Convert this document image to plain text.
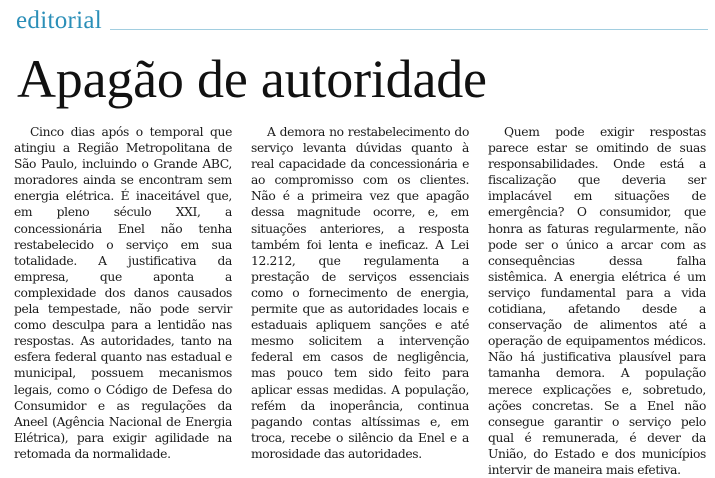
editorial
Apagão de autoridade

Cinco dias após o temporal que atingiu a Região Metropolitana de São Paulo, incluindo o Grande ABC, moradores ainda se encontram sem energia elétrica. É inaceitável que, em pleno século XXI, a concessionária Enel não tenha restabelecido o serviço em sua totalidade. A justificativa da empresa, que aponta a complexidade dos danos causados pela tempestade, não pode servir como desculpa para a lentidão nas respostas. As autoridades, tanto na esfera federal quanto nas estadual e municipal, possuem mecanismos legais, como o Código de Defesa do Consumidor e as regulações da Aneel (Agência Nacional de Energia Elétrica), para exigir agilidade na retomada da normalidade.

A demora no restabelecimento do serviço levanta dúvidas quanto à real capacidade da concessionária e ao compromisso com os clientes. Não é a primeira vez que apagão dessa magnitude ocorre, e, em situações anteriores, a resposta também foi lenta e ineficaz. A Lei 12.212, que regulamenta a prestação de serviços essenciais como o fornecimento de energia, permite que as autoridades locais e estaduais apliquem sanções e até mesmo solicitem a intervenção federal em casos de negligência, mas pouco tem sido feito para aplicar essas medidas. A população, refém da inoperância, continua pagando contas altíssimas e, em troca, recebe o silêncio da Enel e a morosidade das autoridades.

Quem pode exigir respostas parece estar se omitindo de suas responsabilidades. Onde está a fiscalização que deveria ser implacável em situações de emergência? O consumidor, que honra as faturas regularmente, não pode ser o único a arcar com as consequências dessa falha sistêmica. A energia elétrica é um serviço fundamental para a vida cotidiana, afetando desde a conservação de alimentos até a operação de equipamentos médicos. Não há justificativa plausível para tamanha demora. A população merece explicações e, sobretudo, ações concretas. Se a Enel não consegue garantir o serviço pelo qual é remunerada, é dever da União, do Estado e dos municípios intervir de maneira mais efetiva.
